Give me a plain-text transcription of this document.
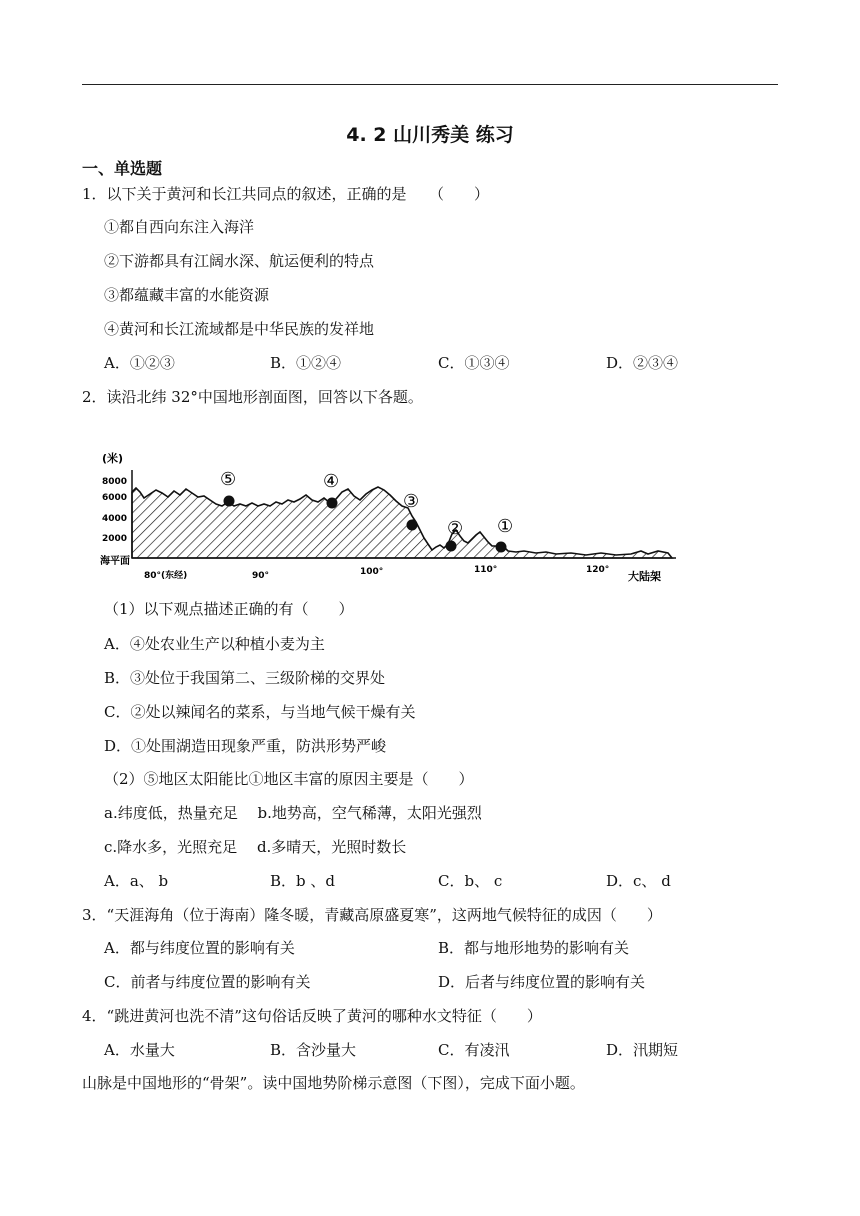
4. 2 山川秀美 练习
一、单选题
1．以下关于黄河和长江共同点的叙述，正确的是　　（　　）
①都自西向东注入海洋
②下游都具有江阔水深、航运便利的特点
③都蕴藏丰富的水能资源
④黄河和长江流域都是中华民族的发祥地
A．①②③	B．①②④	C．①③④	D．②③④
2．读沿北纬 32°中国地形剖面图，回答以下各题。
⑤	④
③
② ①
(米)
8000
6000
4000
2000
海平面
80°(东经)	90°	100°	110°	120° 大陆架
（1）以下观点描述正确的有（　　）
A．④处农业生产以种植小麦为主
B．③处位于我国第二、三级阶梯的交界处
C．②处以辣闻名的菜系，与当地气候干燥有关
D．①处围湖造田现象严重，防洪形势严峻
（2）⑤地区太阳能比①地区丰富的原因主要是（　　）
a.纬度低，热量充足　 b.地势高，空气稀薄，太阳光强烈
c.降水多，光照充足　 d.多晴天，光照时数长
A．a、 b	B．b 、d	C．b、 c	D．c、 d
3．“天涯海角（位于海南）隆冬暖，青藏高原盛夏寒”，这两地气候特征的成因（　　）
A．都与纬度位置的影响有关	B．都与地形地势的影响有关
C．前者与纬度位置的影响有关	D．后者与纬度位置的影响有关
4．“跳进黄河也洗不清”这句俗话反映了黄河的哪种水文特征（　　）
A．水量大	B．含沙量大	C．有凌汛	D．汛期短
山脉是中国地形的“骨架”。读中国地势阶梯示意图（下图），完成下面小题。
